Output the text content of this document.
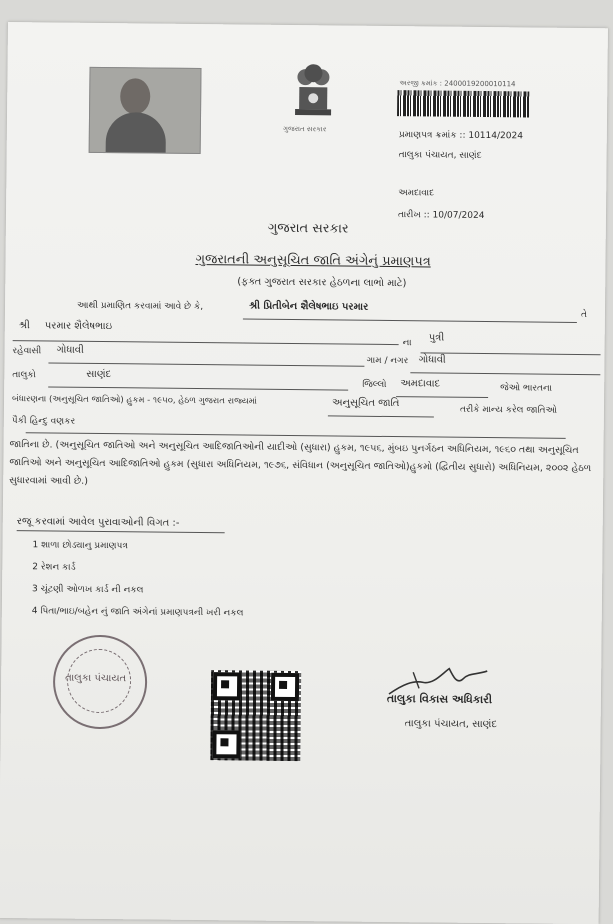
ગુજરાત સરકાર
અરજી ક્રમાંક : 2400019200010114
પ્રમાણપત્ર ક્રમાંક :: 10114/2024
તાલુકા પંચાયત, સાણંદ
અમદાવાદ
તારીખ :: 10/07/2024
ગુજરાત સરકાર
ગુજરાતની અનુસૂચિત જાતિ અંગેનું પ્રમાણપત્ર
(ફક્ત ગુજરાત સરકાર હેઠળના લાભો માટે)
આથી પ્રમાણિત કરવામાં આવે છે કે,	શ્રી પ્રિતીબેન શૈલેષભાઇ પરમાર
તે
શ્રી પરમાર શૈલેષભાઇ
ના પુત્રી
રહેવાસી ગોધાવી
ગામ / નગર ગોધાવી
તાલુકો	સાણંદ
જિલ્લો અમદાવાદ	જેઓ ભારતના
બંધારણના (અનુસૂચિત જાતિઓ) હુકમ - ૧૯૫૦, હેઠળ ગુજરાત રાજ્યમાં	અનુસૂચિત જાતિ
તરીકે માન્ય કરેલ જાતિઓ
પૈકી હિન્દુ વણકર
જાતિના છે. (અનુસૂચિત જાતિઓ અને અનુસૂચિત આદિજાતિઓની યાદીઓ (સુધારા) હુકમ, ૧૯૫૬, મુંબઇ પુનર્ગઠન અધિનિયમ, ૧૯૬૦ તથા અનુસૂચિત જાતિઓ અને અનુસૂચિત આદિજાતિઓ હુકમ (સુધારા અધિનિયમ, ૧૯૭૬, સંવિધાન (અનુસૂચિત જાતિઓ)હુકમો (દ્વિતીય સુધારો) અધિનિયમ, ૨૦૦૨ હેઠળ સુધારવામાં આવી છે.)
રજૂ કરવામાં આવેલ પુરાવાઓની વિગત :-
1 શાળા છોડ્યાનુ પ્રમાણપત્ર
2 રેશન કાર્ડ
3 ચૂંટણી ઓળખ કાર્ડ ની નકલ
4 પિતા/ભાઇ/બહેન નું જાતિ અંગેનાં પ્રમાણપત્રની ખરી નકલ
તાલુકા પંચાયત
તાલુકા વિકાસ અધિકારી
તાલુકા પંચાયત, સાણંદ
